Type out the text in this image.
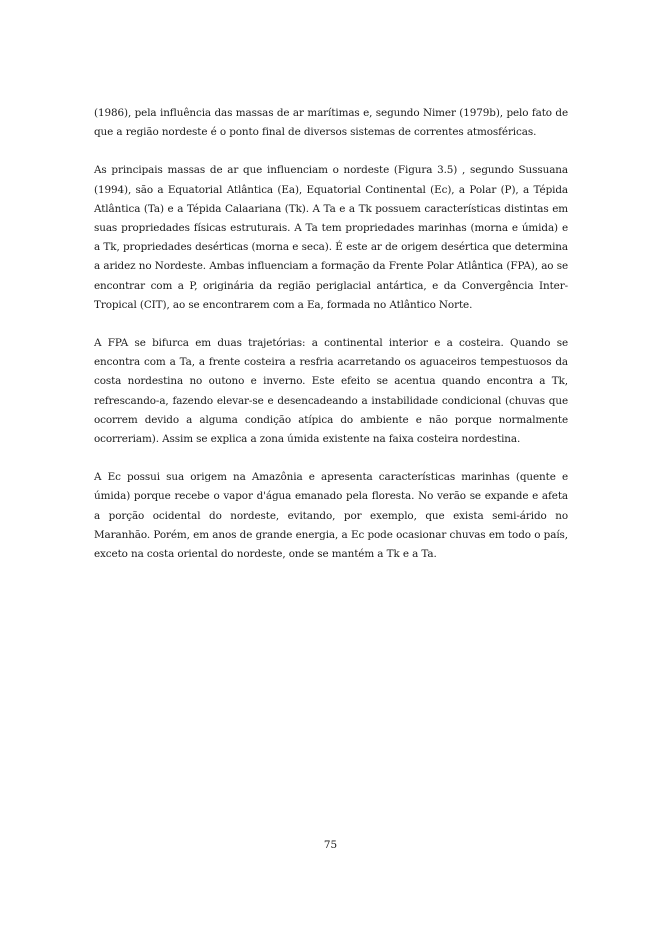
(1986), pela influência das massas de ar marítimas e, segundo Nimer (1979b), pelo fato de que a região nordeste é o ponto final de diversos sistemas de correntes atmosféricas.

As principais massas de ar que influenciam o nordeste (Figura 3.5) , segundo Sussuana (1994), são a Equatorial Atlântica (Ea), Equatorial Continental (Ec), a Polar (P), a Tépida Atlântica (Ta) e a Tépida Calaariana (Tk). A Ta e a Tk possuem características distintas em suas propriedades físicas estruturais. A Ta tem propriedades marinhas (morna e úmida) e a Tk, propriedades desérticas (morna e seca). É este ar de origem desértica que determina a aridez no Nordeste. Ambas influenciam a formação da Frente Polar Atlântica (FPA), ao se encontrar com a P, originária da região periglacial antártica, e da Convergência Inter-Tropical (CIT), ao se encontrarem com a Ea, formada no Atlântico Norte.

A FPA se bifurca em duas trajetórias: a continental interior e a costeira. Quando se encontra com a Ta, a frente costeira a resfria acarretando os aguaceiros tempestuosos da costa nordestina no outono e inverno. Este efeito se acentua quando encontra a Tk, refrescando-a, fazendo elevar-se e desencadeando a instabilidade condicional (chuvas que ocorrem devido a alguma condição atípica do ambiente e não porque normalmente ocorreriam). Assim se explica a zona úmida existente na faixa costeira nordestina.

A Ec possui sua origem na Amazônia e apresenta características marinhas (quente e úmida) porque recebe o vapor d'água emanado pela floresta. No verão se expande e afeta a porção ocidental do nordeste, evitando, por exemplo, que exista semi-árido no Maranhão. Porém, em anos de grande energia, a Ec pode ocasionar chuvas em todo o país, exceto na costa oriental do nordeste, onde se mantém a Tk e a Ta.

75
